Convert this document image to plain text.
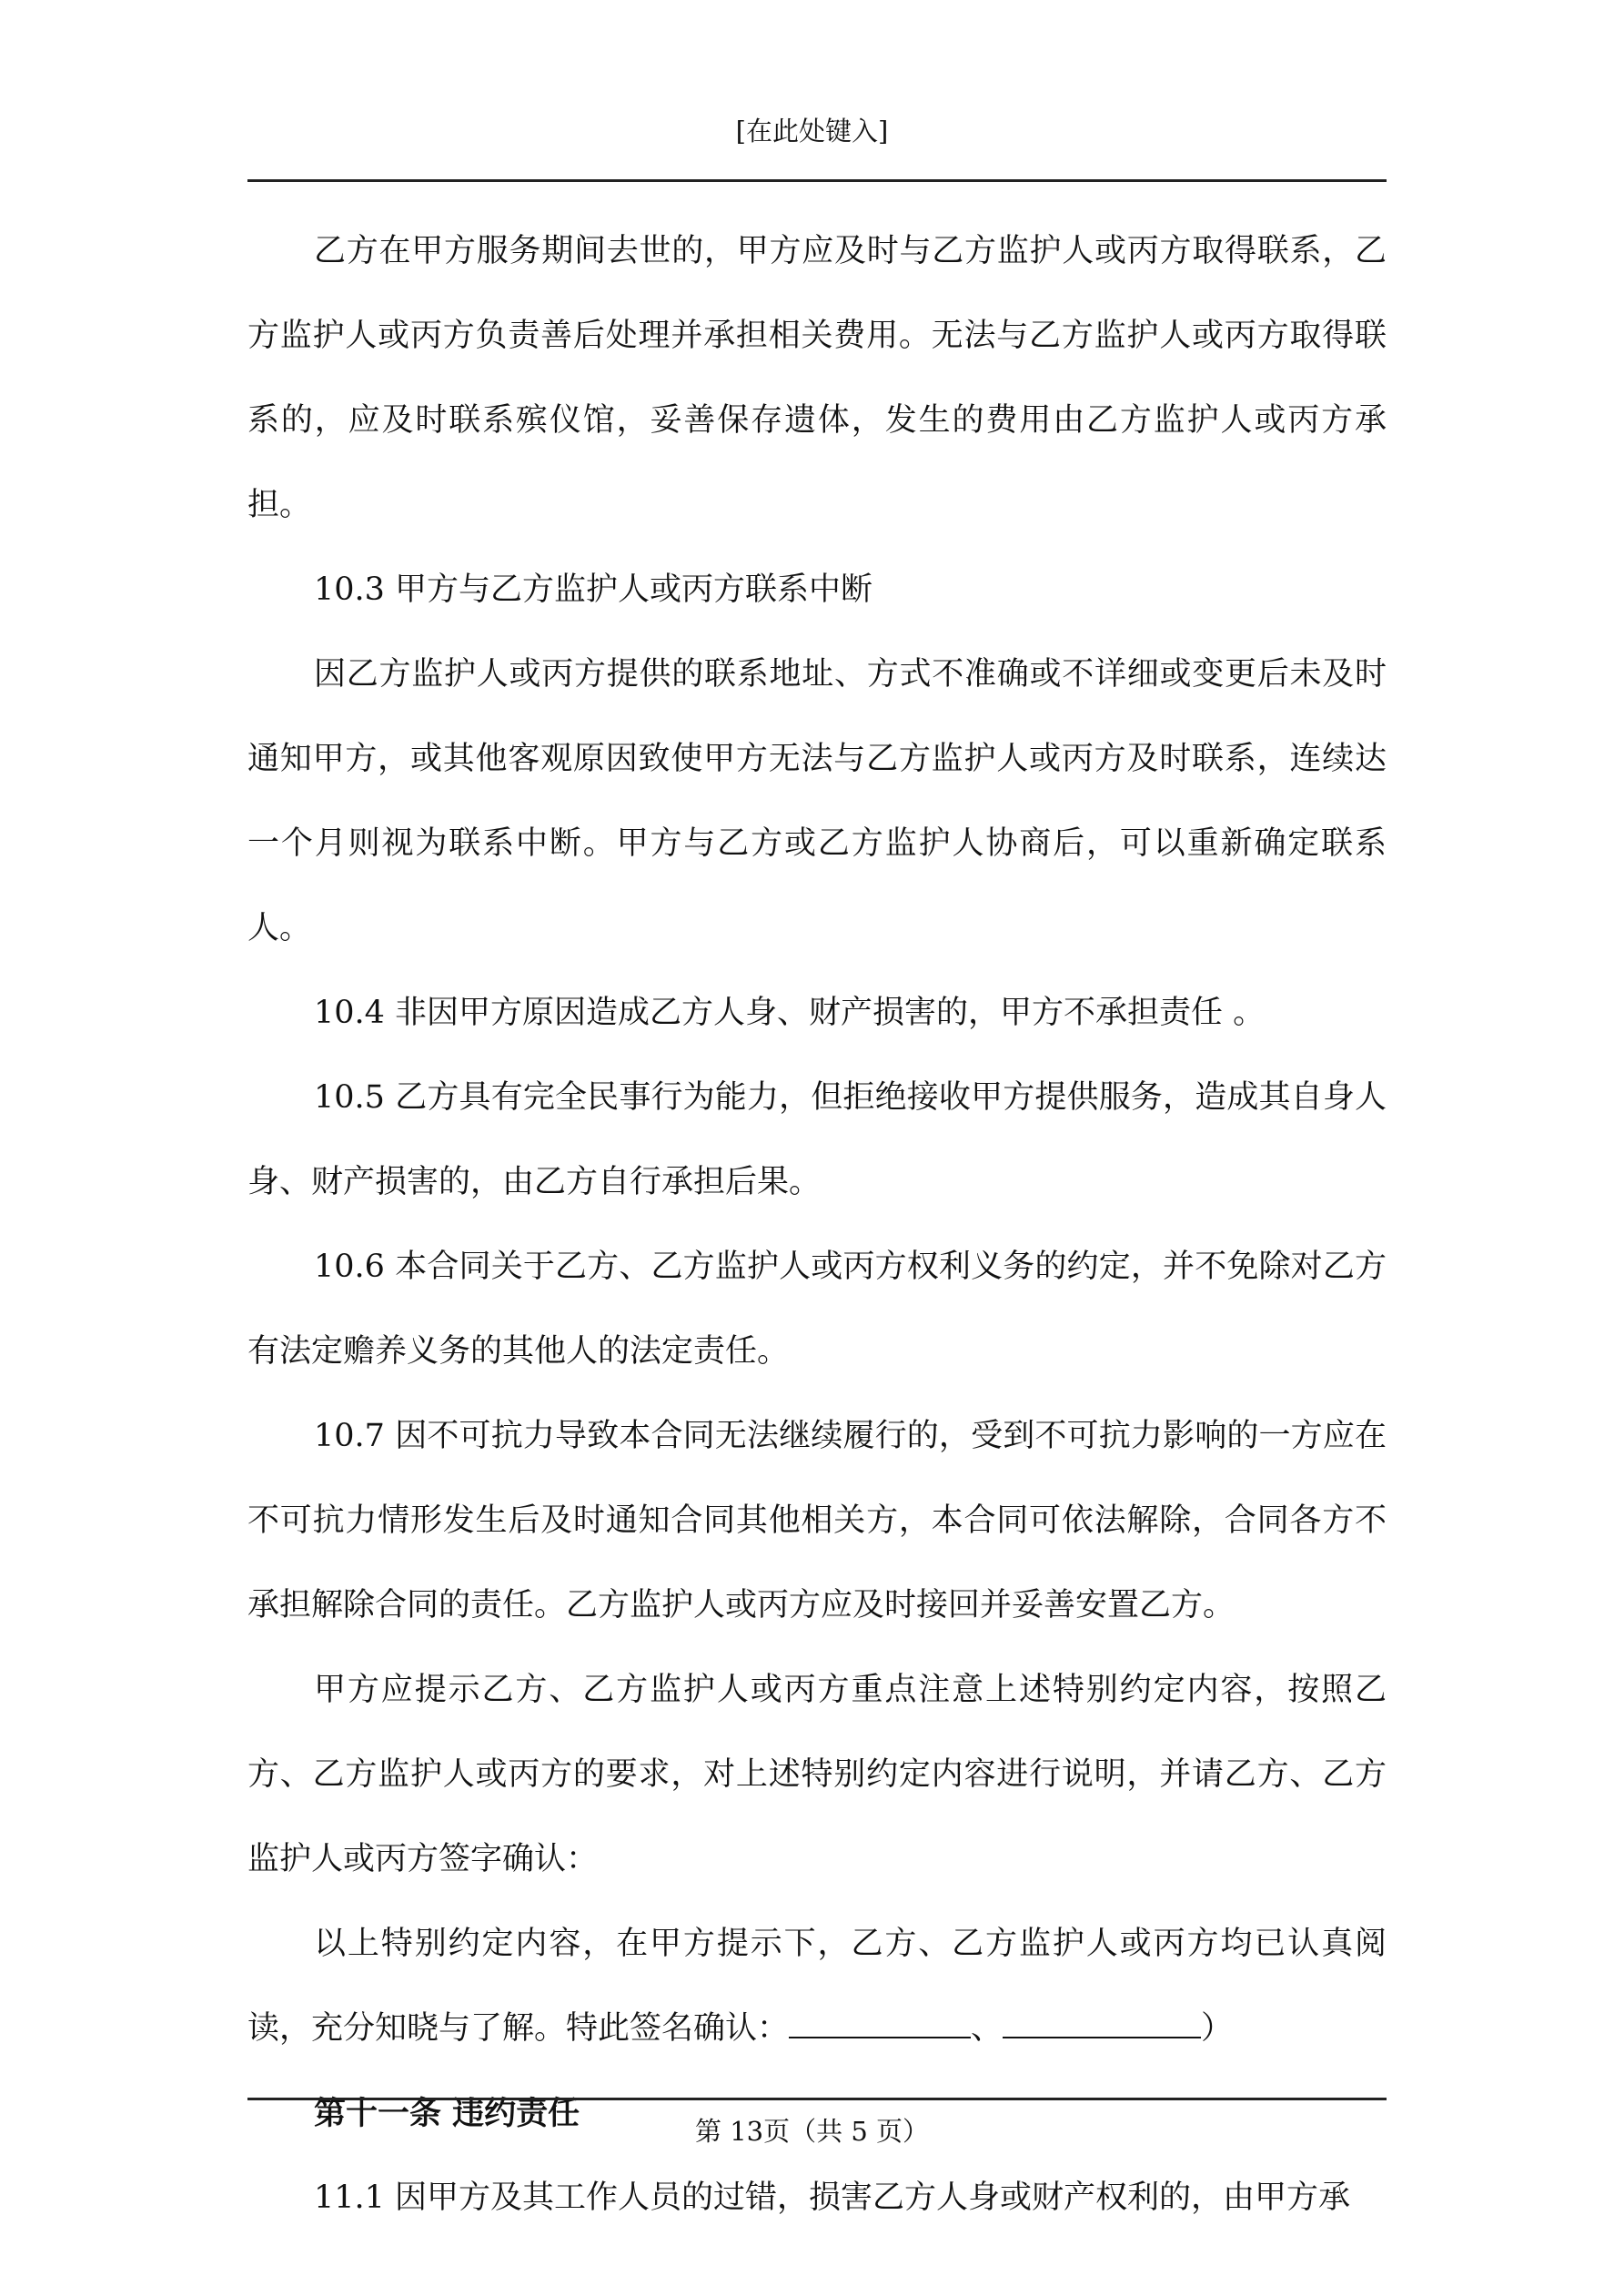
[在此处键入]

乙方在甲方服务期间去世的，甲方应及时与乙方监护人或丙方取得联系，乙方监护人或丙方负责善后处理并承担相关费用。无法与乙方监护人或丙方取得联系的，应及时联系殡仪馆，妥善保存遗体，发生的费用由乙方监护人或丙方承担。

10.3 甲方与乙方监护人或丙方联系中断

因乙方监护人或丙方提供的联系地址、方式不准确或不详细或变更后未及时通知甲方，或其他客观原因致使甲方无法与乙方监护人或丙方及时联系，连续达一个月则视为联系中断。甲方与乙方或乙方监护人协商后，可以重新确定联系人。

10.4 非因甲方原因造成乙方人身、财产损害的，甲方不承担责任 。

10.5 乙方具有完全民事行为能力，但拒绝接收甲方提供服务，造成其自身人身、财产损害的，由乙方自行承担后果。

10.6 本合同关于乙方、乙方监护人或丙方权利义务的约定，并不免除对乙方有法定赡养义务的其他人的法定责任。

10.7 因不可抗力导致本合同无法继续履行的，受到不可抗力影响的一方应在不可抗力情形发生后及时通知合同其他相关方，本合同可依法解除，合同各方不承担解除合同的责任。乙方监护人或丙方应及时接回并妥善安置乙方。

甲方应提示乙方、乙方监护人或丙方重点注意上述特别约定内容，按照乙方、乙方监护人或丙方的要求，对上述特别约定内容进行说明，并请乙方、乙方监护人或丙方签字确认：

以上特别约定内容，在甲方提示下，乙方、乙方监护人或丙方均已认真阅读，充分知晓与了解。特此签名确认：	、	）

第十一条 违约责任

11.1 因甲方及其工作人员的过错，损害乙方人身或财产权利的，由甲方承

第 13页（共 5 页）
